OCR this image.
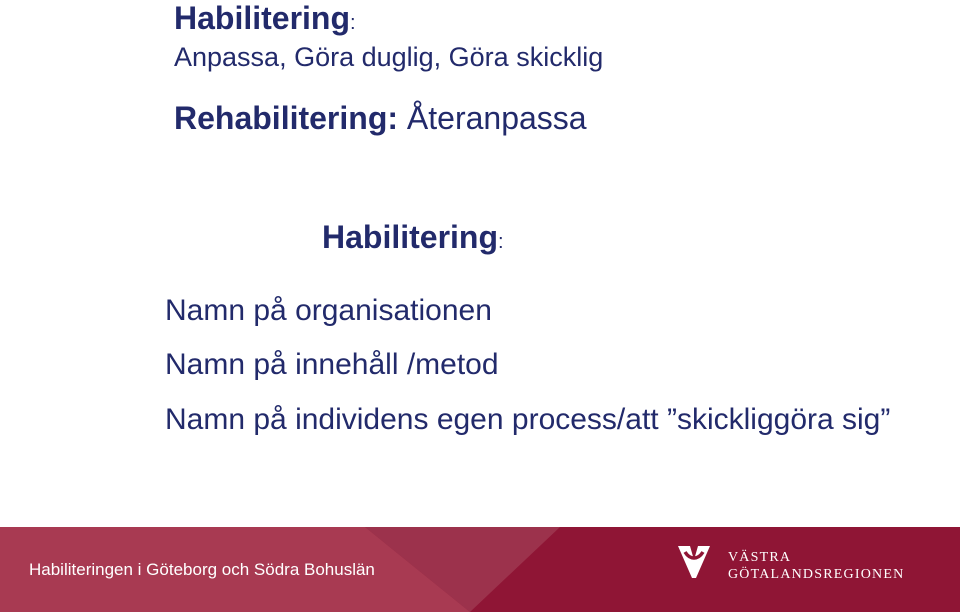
Habilitering:
Anpassa, Göra duglig, Göra skicklig
Rehabilitering: Återanpassa
Habilitering:
Namn på organisationen
Namn på innehåll /metod
Namn på individens egen process/att ”skickliggöra sig”
Habiliteringen i Göteborg och Södra Bohuslän
VÄSTRA
GÖTALANDSREGIONEN
